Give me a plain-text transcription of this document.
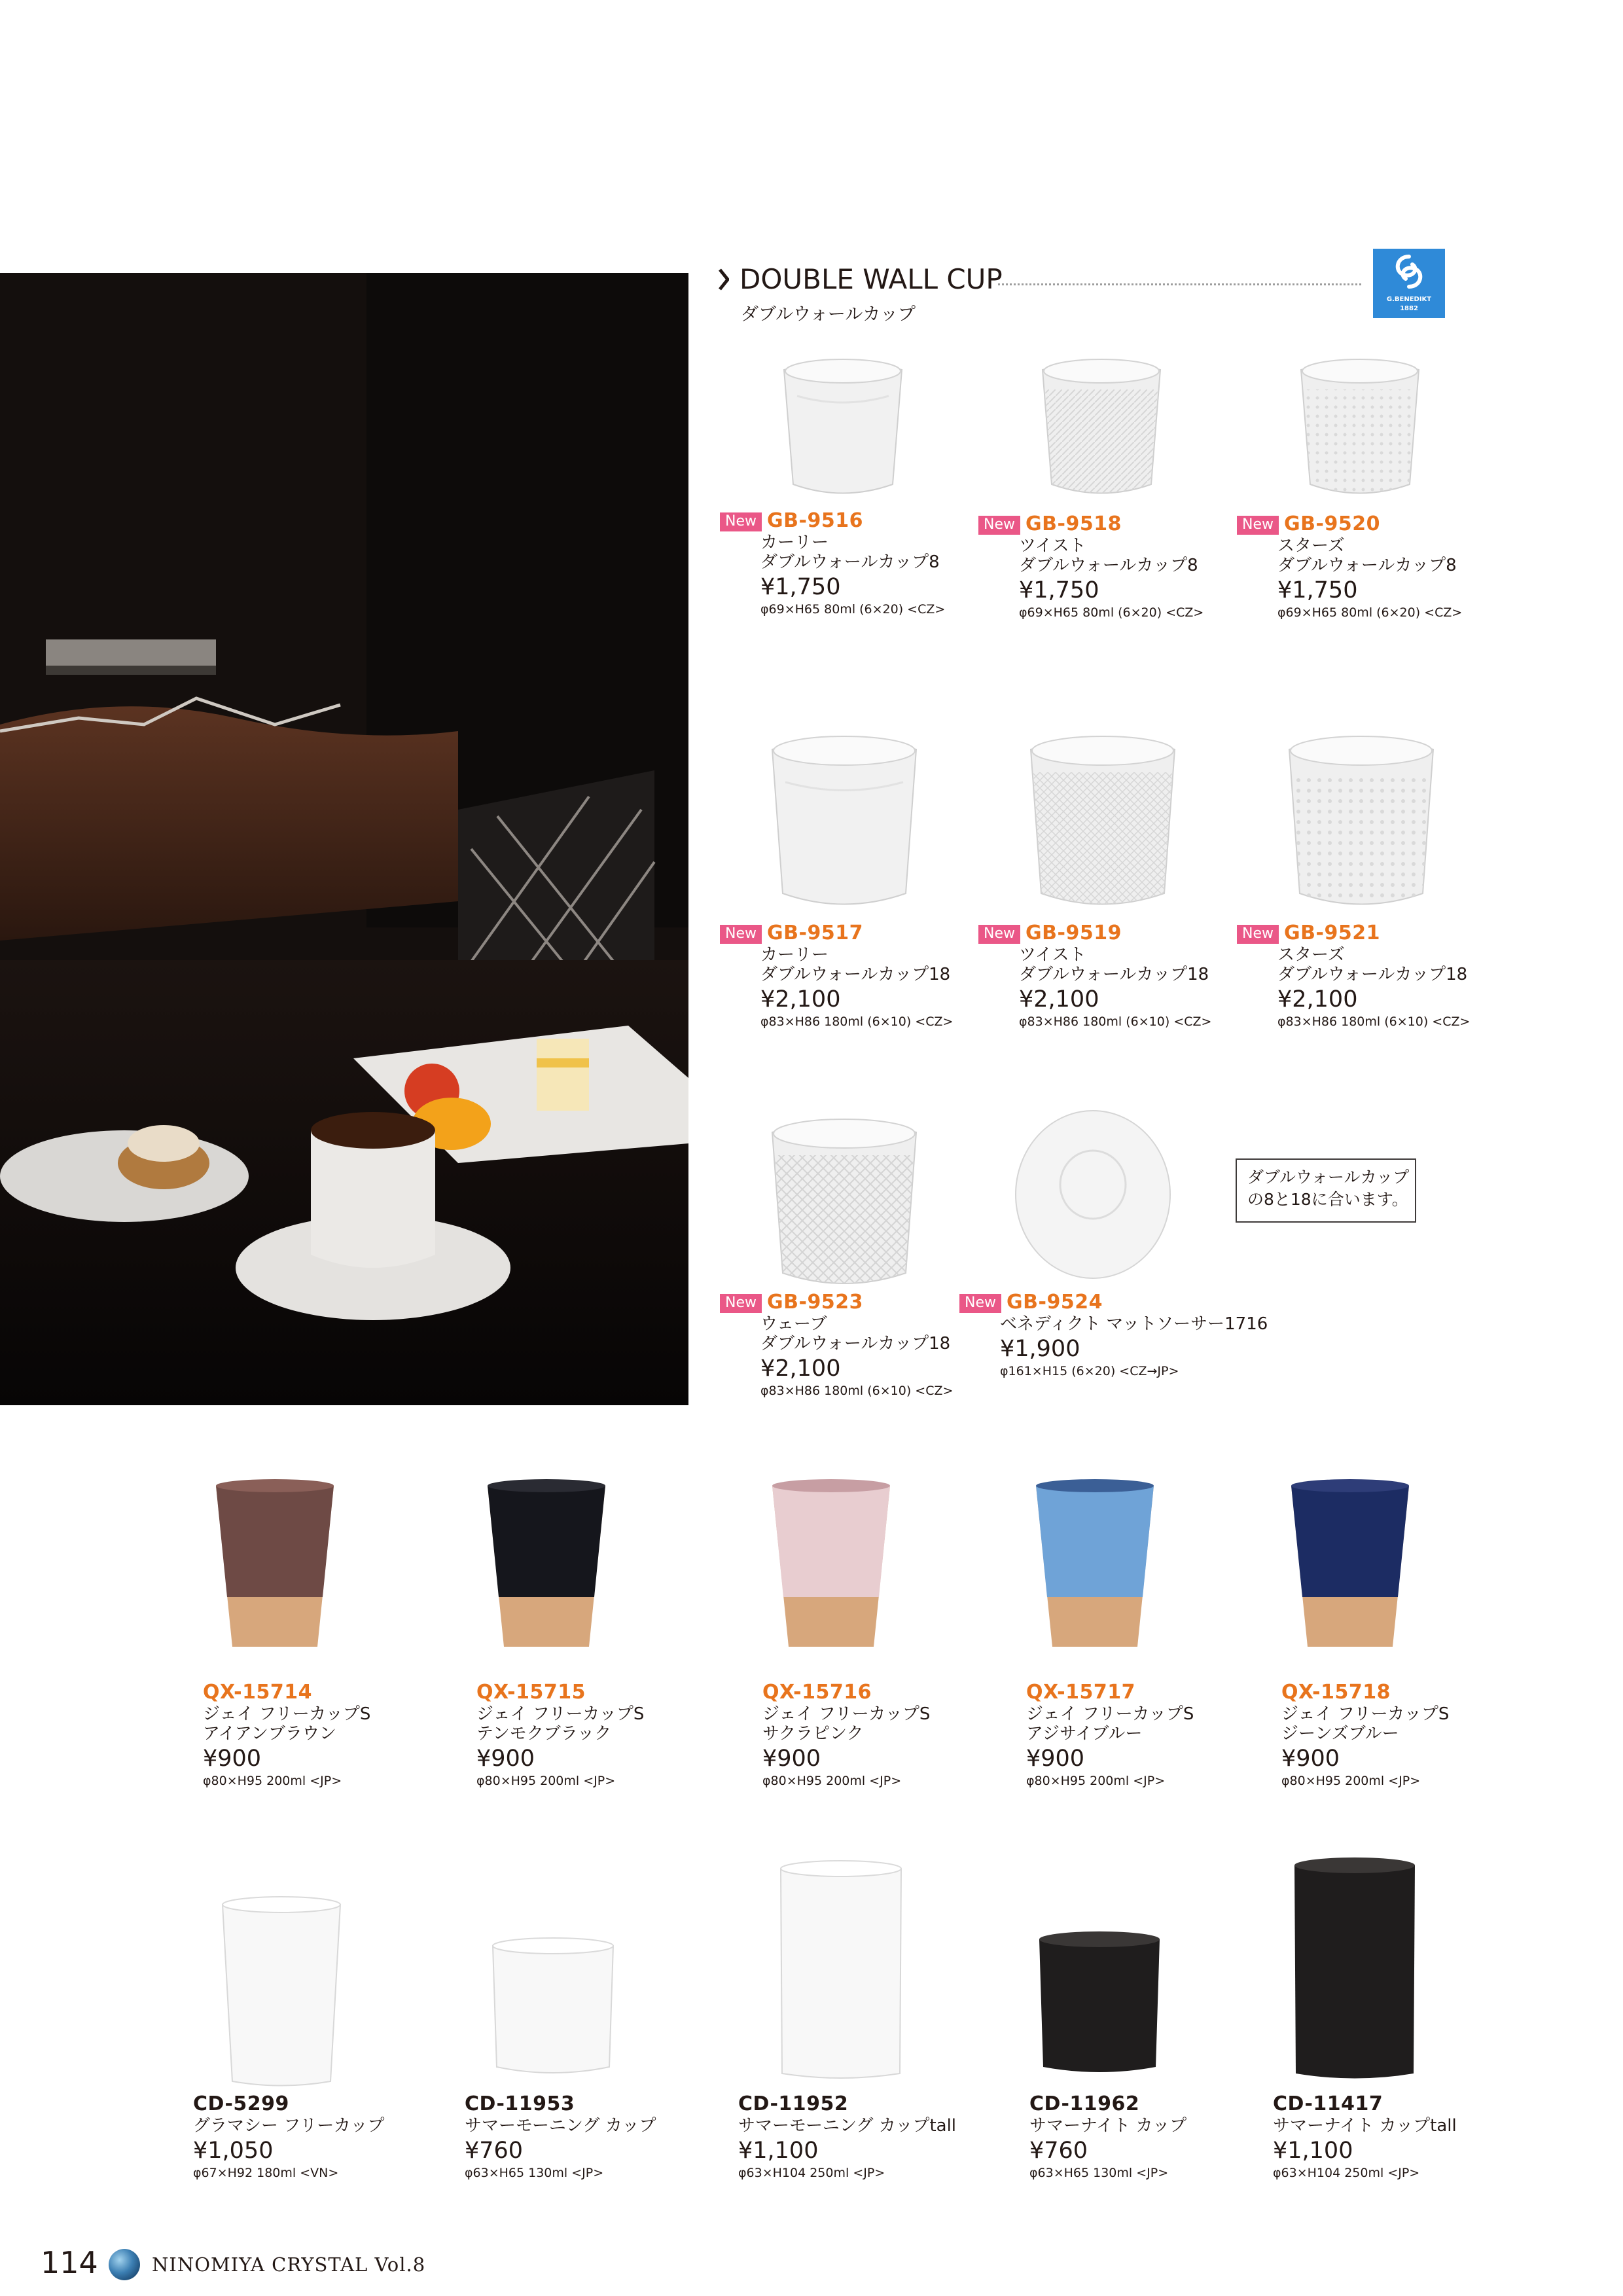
DOUBLE WALL CUP
ダブルウォールカップ
G.BENEDIKT
1882
ダブルウォールカップ
の8と18に合います。
New GB-9516
カーリー
ダブルウォールカップ8
¥1,750
φ69×H65 80ml (6×20) <CZ>
New GB-9518
ツイスト
ダブルウォールカップ8
¥1,750
φ69×H65 80ml (6×20) <CZ>
New GB-9520
スターズ
ダブルウォールカップ8
¥1,750
φ69×H65 80ml (6×20) <CZ>
New GB-9517
カーリー
ダブルウォールカップ18
¥2,100
φ83×H86 180ml (6×10) <CZ>
New GB-9519
ツイスト
ダブルウォールカップ18
¥2,100
φ83×H86 180ml (6×10) <CZ>
New GB-9521
スターズ
ダブルウォールカップ18
¥2,100
φ83×H86 180ml (6×10) <CZ>
New GB-9523
ウェーブ
ダブルウォールカップ18
¥2,100
φ83×H86 180ml (6×10) <CZ>
New GB-9524
ベネディクト マットソーサー1716
¥1,900
φ161×H15 (6×20) <CZ→JP>
QX-15714
ジェイ フリーカップS
アイアンブラウン
¥900
φ80×H95 200ml <JP>
QX-15715
ジェイ フリーカップS
テンモクブラック
¥900
φ80×H95 200ml <JP>
QX-15716
ジェイ フリーカップS
サクラピンク
¥900
φ80×H95 200ml <JP>
QX-15717
ジェイ フリーカップS
アジサイブルー
¥900
φ80×H95 200ml <JP>
QX-15718
ジェイ フリーカップS
ジーンズブルー
¥900
φ80×H95 200ml <JP>
CD-5299
グラマシー フリーカップ
¥1,050
φ67×H92 180ml <VN>
CD-11953
サマーモーニング カップ
¥760
φ63×H65 130ml <JP>
CD-11952
サマーモーニング カップtall
¥1,100
φ63×H104 250ml <JP>
CD-11962
サマーナイト カップ
¥760
φ63×H65 130ml <JP>
CD-11417
サマーナイト カップtall
¥1,100
φ63×H104 250ml <JP>
114	NINOMIYA CRYSTAL Vol.8
